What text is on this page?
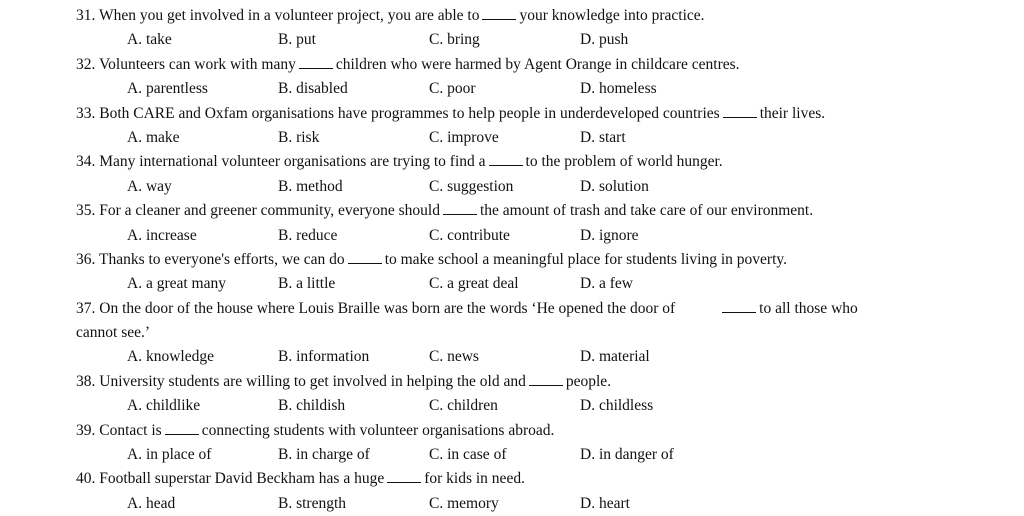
31. When you get involved in a volunteer project, you are able to	your knowledge into practice.
A. take	B. put	C. bring	D. push
32. Volunteers can work with many	children who were harmed by Agent Orange in childcare centres.
A. parentless	B. disabled	C. poor	D. homeless
33. Both CARE and Oxfam organisations have programmes to help people in underdeveloped countries	their lives.
A. make	B. risk	C. improve	D. start
34. Many international volunteer organisations are trying to find a	to the problem of world hunger.
A. way	B. method	C. suggestion	D. solution
35. For a cleaner and greener community, everyone should	the amount of trash and take care of our environment.
A. increase	B. reduce	C. contribute	D. ignore
36. Thanks to everyone's efforts, we can do	to make school a meaningful place for students living in poverty.
A. a great many	B. a little	C. a great deal	D. a few
37. On the door of the house where Louis Braille was born are the words ‘He opened the door of	to all those who
cannot see.’
A. knowledge	B. information	C. news	D. material
38. University students are willing to get involved in helping the old and	people.
A. childlike	B. childish	C. children	D. childless
39. Contact is	connecting students with volunteer organisations abroad.
A. in place of	B. in charge of	C. in case of	D. in danger of
40. Football superstar David Beckham has a huge	for kids in need.
A. head	B. strength	C. memory	D. heart
